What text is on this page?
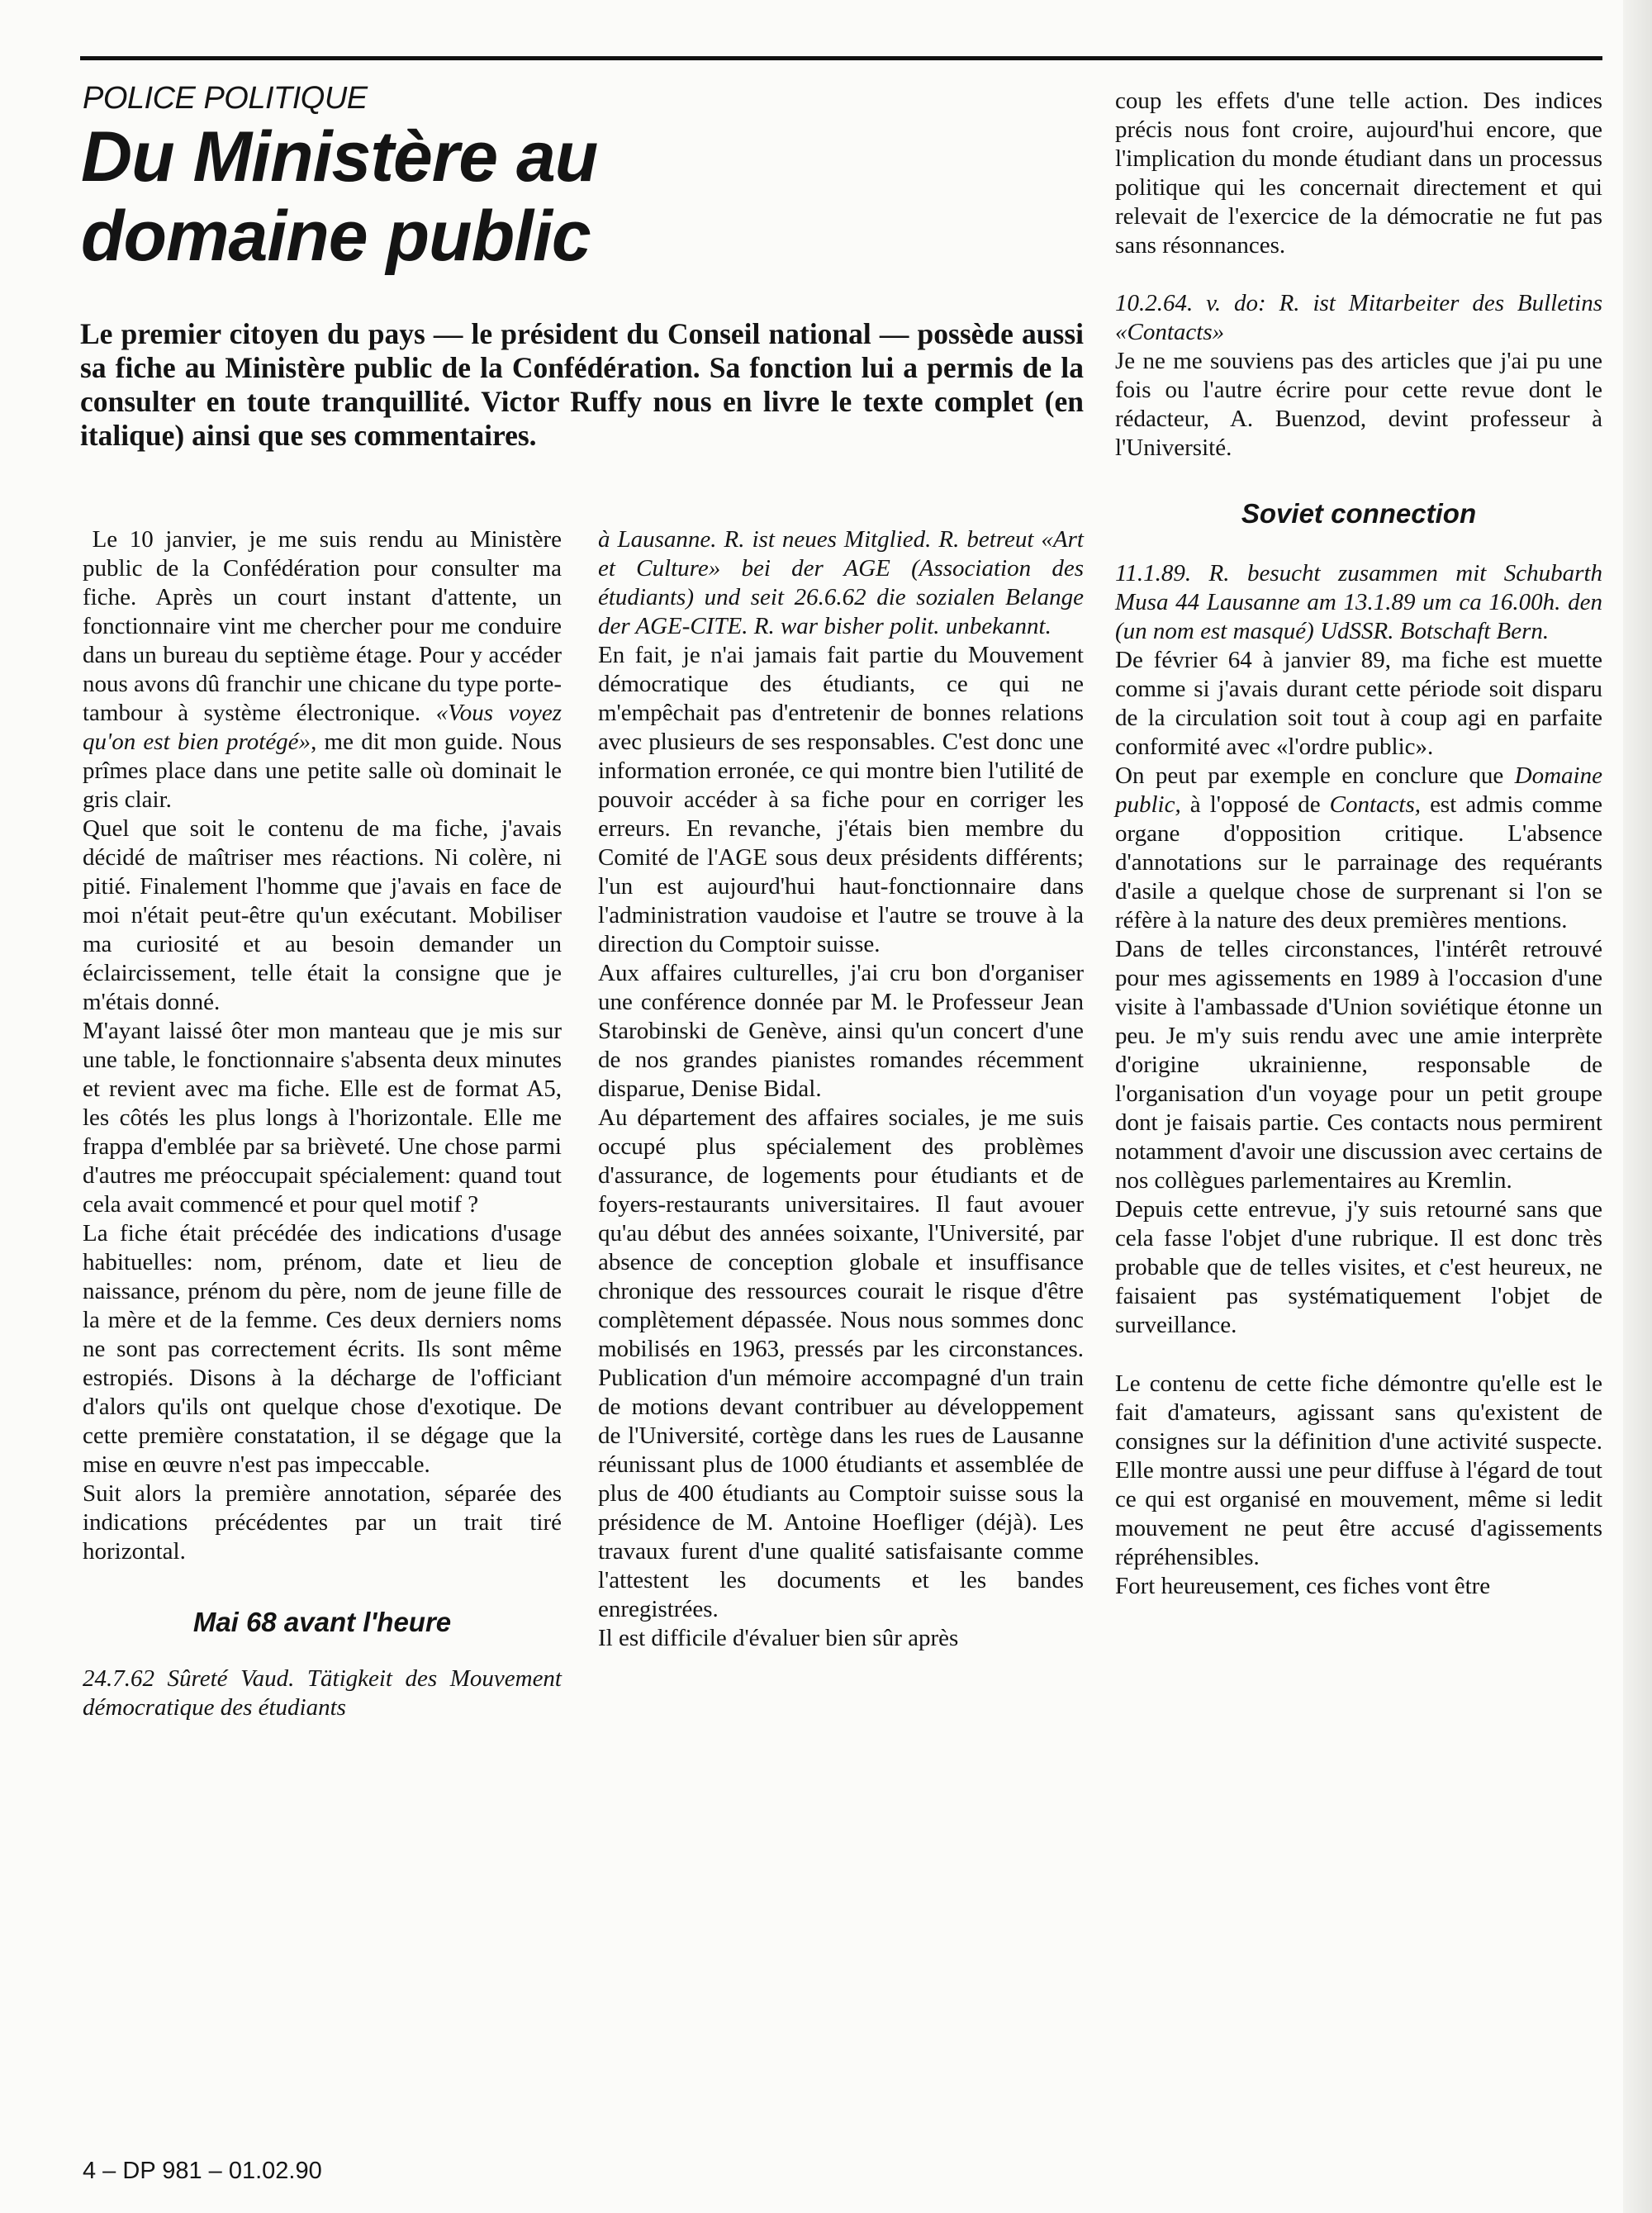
POLICE POLITIQUE
Du Ministère au
domaine public

Le premier citoyen du pays — le président du Conseil national — possède aussi sa fiche au Ministère public de la Confédération. Sa fonction lui a permis de la consulter en toute tranquillité. Victor Ruffy nous en livre le texte complet (en italique) ainsi que ses commentaires.

Le 10 janvier, je me suis rendu au Ministère public de la Confédération pour consulter ma fiche. Après un court instant d'attente, un fonctionnaire vint me chercher pour me conduire dans un bureau du septième étage. Pour y accéder nous avons dû franchir une chicane du type porte-tambour à système électronique. «Vous voyez qu'on est bien protégé», me dit mon guide. Nous prîmes place dans une petite salle où dominait le gris clair.

Quel que soit le contenu de ma fiche, j'avais décidé de maîtriser mes réactions. Ni colère, ni pitié. Finalement l'homme que j'avais en face de moi n'était peut-être qu'un exécutant. Mobiliser ma curiosité et au besoin demander un éclaircissement, telle était la consigne que je m'étais donné.

M'ayant laissé ôter mon manteau que je mis sur une table, le fonctionnaire s'absenta deux minutes et revient avec ma fiche. Elle est de format A5, les côtés les plus longs à l'horizontale. Elle me frappa d'emblée par sa brièveté. Une chose parmi d'autres me préoccupait spécialement: quand tout cela avait commencé et pour quel motif ?

La fiche était précédée des indications d'usage habituelles: nom, prénom, date et lieu de naissance, prénom du père, nom de jeune fille de la mère et de la femme. Ces deux derniers noms ne sont pas correctement écrits. Ils sont même estropiés. Disons à la décharge de l'officiant d'alors qu'ils ont quelque chose d'exotique. De cette première constatation, il se dégage que la mise en œuvre n'est pas impeccable.

Suit alors la première annotation, séparée des indications précédentes par un trait tiré horizontal.

Mai 68 avant l'heure

24.7.62 Sûreté Vaud. Tätigkeit des Mouvement démocratique des étudiants

à Lausanne. R. ist neues Mitglied. R. betreut «Art et Culture» bei der AGE (Association des étudiants) und seit 26.6.62 die sozialen Belange der AGE-CITE. R. war bisher polit. unbekannt.

En fait, je n'ai jamais fait partie du Mouvement démocratique des étudiants, ce qui ne m'empêchait pas d'entretenir de bonnes relations avec plusieurs de ses responsables. C'est donc une information erronée, ce qui montre bien l'utilité de pouvoir accéder à sa fiche pour en corriger les erreurs. En revanche, j'étais bien membre du Comité de l'AGE sous deux présidents différents; l'un est aujourd'hui haut-fonctionnaire dans l'administration vaudoise et l'autre se trouve à la direction du Comptoir suisse.

Aux affaires culturelles, j'ai cru bon d'organiser une conférence donnée par M. le Professeur Jean Starobinski de Genève, ainsi qu'un concert d'une de nos grandes pianistes romandes récemment disparue, Denise Bidal.

Au département des affaires sociales, je me suis occupé plus spécialement des problèmes d'assurance, de logements pour étudiants et de foyers-restaurants universitaires. Il faut avouer qu'au début des années soixante, l'Université, par absence de conception globale et insuffisance chronique des ressources courait le risque d'être complètement dépassée. Nous nous sommes donc mobilisés en 1963, pressés par les circonstances. Publication d'un mémoire accompagné d'un train de motions devant contribuer au développement de l'Université, cortège dans les rues de Lausanne réunissant plus de 1000 étudiants et assemblée de plus de 400 étudiants au Comptoir suisse sous la présidence de M. Antoine Hoefliger (déjà). Les travaux furent d'une qualité satisfaisante comme l'attestent les documents et les bandes enregistrées.

Il est difficile d'évaluer bien sûr après

coup les effets d'une telle action. Des indices précis nous font croire, aujourd'hui encore, que l'implication du monde étudiant dans un processus politique qui les concernait directement et qui relevait de l'exercice de la démocratie ne fut pas sans résonnances.

10.2.64. v. do: R. ist Mitarbeiter des Bulletins «Contacts»

Je ne me souviens pas des articles que j'ai pu une fois ou l'autre écrire pour cette revue dont le rédacteur, A. Buenzod, devint professeur à l'Université.

Soviet connection

11.1.89. R. besucht zusammen mit Schubarth Musa 44 Lausanne am 13.1.89 um ca 16.00h. den (un nom est masqué) UdSSR. Botschaft Bern.

De février 64 à janvier 89, ma fiche est muette comme si j'avais durant cette période soit disparu de la circulation soit tout à coup agi en parfaite conformité avec «l'ordre public».

On peut par exemple en conclure que Domaine public, à l'opposé de Contacts, est admis comme organe d'opposition critique. L'absence d'annotations sur le parrainage des requérants d'asile a quelque chose de surprenant si l'on se réfère à la nature des deux premières mentions.

Dans de telles circonstances, l'intérêt retrouvé pour mes agissements en 1989 à l'occasion d'une visite à l'ambassade d'Union soviétique étonne un peu. Je m'y suis rendu avec une amie interprète d'origine ukrainienne, responsable de l'organisation d'un voyage pour un petit groupe dont je faisais partie. Ces contacts nous permirent notamment d'avoir une discussion avec certains de nos collègues parlementaires au Kremlin.

Depuis cette entrevue, j'y suis retourné sans que cela fasse l'objet d'une rubrique. Il est donc très probable que de telles visites, et c'est heureux, ne faisaient pas systématiquement l'objet de surveillance.

Le contenu de cette fiche démontre qu'elle est le fait d'amateurs, agissant sans qu'existent de consignes sur la définition d'une activité suspecte. Elle montre aussi une peur diffuse à l'égard de tout ce qui est organisé en mouvement, même si ledit mouvement ne peut être accusé d'agissements répréhensibles.

Fort heureusement, ces fiches vont être

4 – DP 981 – 01.02.90
